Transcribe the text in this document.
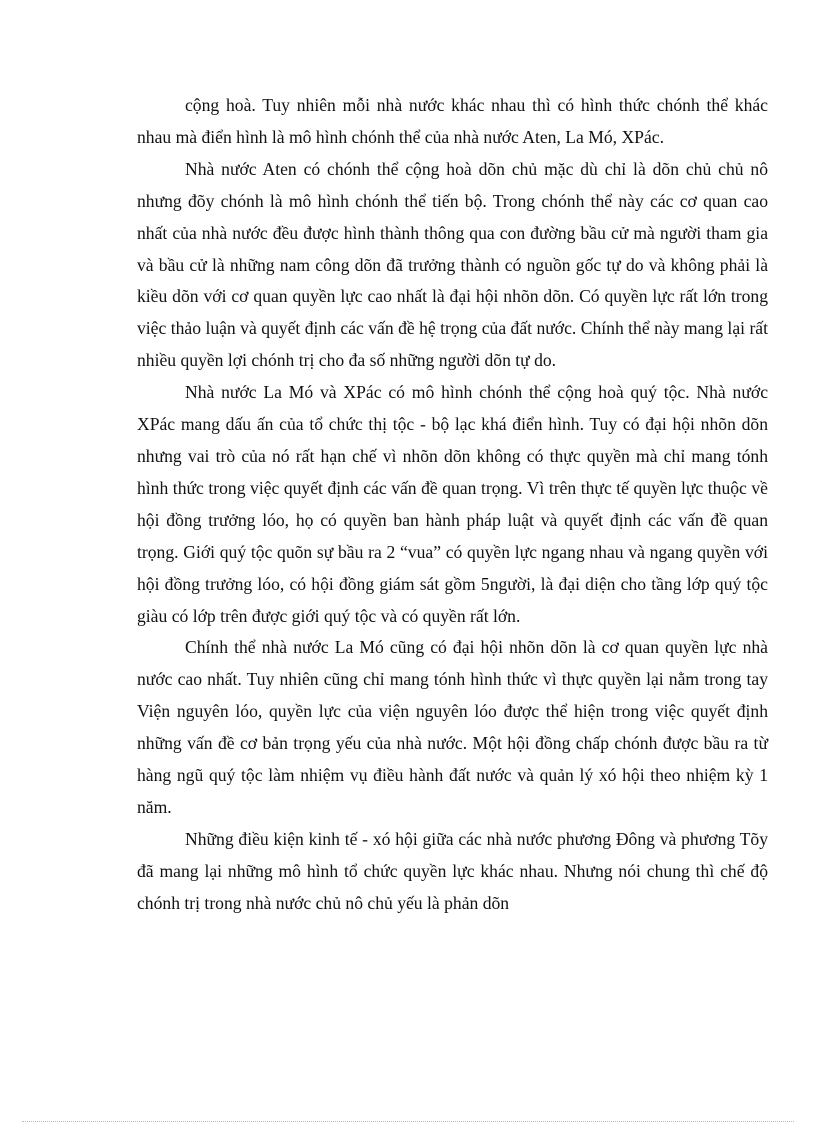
cộng hoà. Tuy nhiên mỗi nhà nước khác nhau thì có hình thức chónh thể khác nhau mà điển hình là mô hình chónh thể của nhà nước Aten, La Mó, XPác.

Nhà nước Aten có chónh thể cộng hoà dõn chủ mặc dù chỉ là dõn chủ chủ nô nhưng đõy chónh là mô hình chónh thể tiến bộ. Trong chónh thể này các cơ quan cao nhất của nhà nước đều được hình thành thông qua con đường bầu cử mà người tham gia và bầu cử là những nam công dõn đã trưởng thành có nguồn gốc tự do và không phải là kiều dõn với cơ quan quyền lực cao nhất là đại hội nhõn dõn. Có quyền lực rất lớn trong việc thảo luận và quyết định các vấn đề hệ trọng của đất nước. Chính thể này mang lại rất nhiều quyền lợi chónh trị cho đa số những người dõn tự do.

Nhà nước La Mó và XPác có mô hình chónh thể cộng hoà quý tộc. Nhà nước XPác mang dấu ấn của tổ chức thị tộc - bộ lạc khá điển hình. Tuy có đại hội nhõn dõn nhưng vai trò của nó rất hạn chế vì nhõn dõn không có thực quyền mà chỉ mang tónh hình thức trong việc quyết định các vấn đề quan trọng. Vì trên thực tế quyền lực thuộc về hội đồng trưởng lóo, họ có quyền ban hành pháp luật và quyết định các vấn đề quan trọng. Giới quý tộc quõn sự bầu ra 2 “vua” có quyền lực ngang nhau và ngang quyền với hội đồng trưởng lóo, có hội đồng giám sát gồm 5người, là đại diện cho tầng lớp quý tộc giàu có lớp trên được giới quý tộc và có quyền rất lớn.

Chính thể nhà nước La Mó cũng có đại hội nhõn dõn là cơ quan quyền lực nhà nước cao nhất. Tuy nhiên cũng chỉ mang tónh hình thức vì thực quyền lại nằm trong tay Viện nguyên lóo, quyền lực của viện nguyên lóo được thể hiện trong việc quyết định những vấn đề cơ bản trọng yếu của nhà nước. Một hội đồng chấp chónh được bầu ra từ hàng ngũ quý tộc làm nhiệm vụ điều hành đất nước và quản lý xó hội theo nhiệm kỳ 1 năm.

Những điều kiện kinh tế - xó hội giữa các nhà nước phương Đông và phương Tõy đã mang lại những mô hình tổ chức quyền lực khác nhau. Nhưng nói chung thì chế độ chónh trị trong nhà nước chủ nô chủ yếu là phản dõn
